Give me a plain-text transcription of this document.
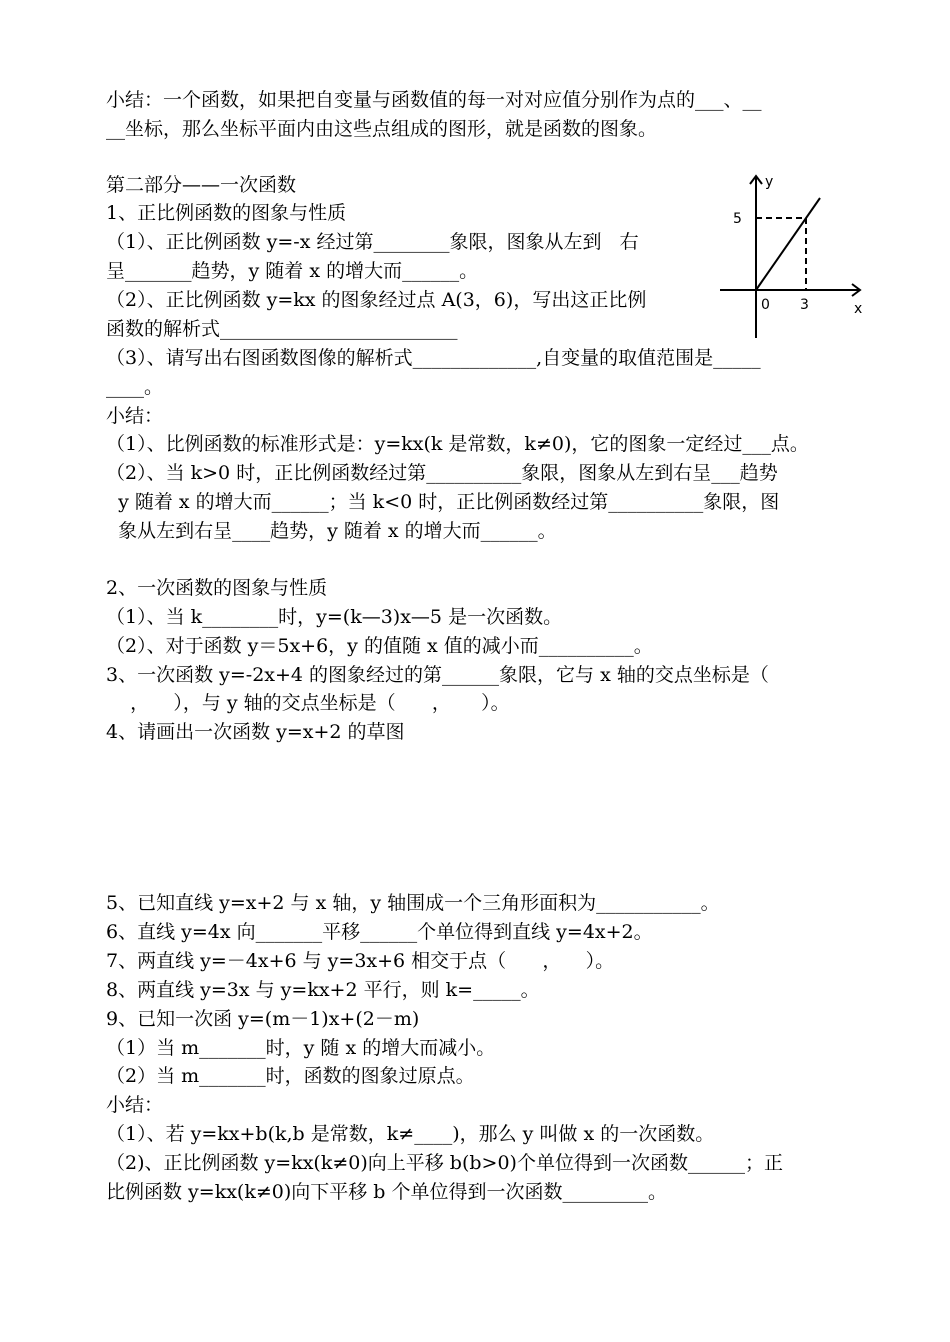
小结：一个函数，如果把自变量与函数值的每一对对应值分别作为点的___、__
__坐标，那么坐标平面内由这些点组成的图形，就是函数的图象。
第二部分——一次函数
1、正比例函数的图象与性质
（1）、正比例函数 y=-x 经过第________象限，图象从左到   右
呈_______趋势，y 随着 x 的增大而______。
（2）、正比例函数 y=kx 的图象经过点 A(3，6)，写出这正比例
函数的解析式_________________________
（3）、请写出右图函数图像的解析式_____________,自变量的取值范围是_____
____。
小结：
（1）、比例函数的标准形式是：y=kx(k 是常数，k≠0)，它的图象一定经过___点。
（2）、当 k>0 时，正比例函数经过第__________象限，图象从左到右呈___趋势
y 随着 x 的增大而______；当 k<0 时，正比例函数经过第__________象限，图
象从左到右呈____趋势，y 随着 x 的增大而______。
2、一次函数的图象与性质
（1）、当 k________时，y=(k—3)x—5 是一次函数。
（2）、对于函数 y＝5x+6，y 的值随 x 值的减小而__________。
3、一次函数 y=-2x+4 的图象经过的第______象限，它与 x 轴的交点坐标是（
，    ），与 y 轴的交点坐标是（      ，     ）。
4、请画出一次函数 y=x+2 的草图
5、已知直线 y=x+2 与 x 轴，y 轴围成一个三角形面积为___________。
6、直线 y=4x 向_______平移______个单位得到直线 y=4x+2。
7、两直线 y=－4x+6 与 y=3x+6 相交于点（      ，    ）。
8、两直线 y=3x 与 y=kx+2 平行，则 k=_____。
9、已知一次函 y=(m－1)x+(2－m)
（1）当 m_______时，y 随 x 的增大而减小。
（2）当 m_______时，函数的图象过原点。
小结：
（1）、若 y=kx+b(k,b 是常数，k≠____)，那么 y 叫做 x 的一次函数。
（2)、正比例函数 y=kx(k≠0)向上平移 b(b>0)个单位得到一次函数______；正
比例函数 y=kx(k≠0)向下平移 b 个单位得到一次函数_________。
y
5
0 3	x
